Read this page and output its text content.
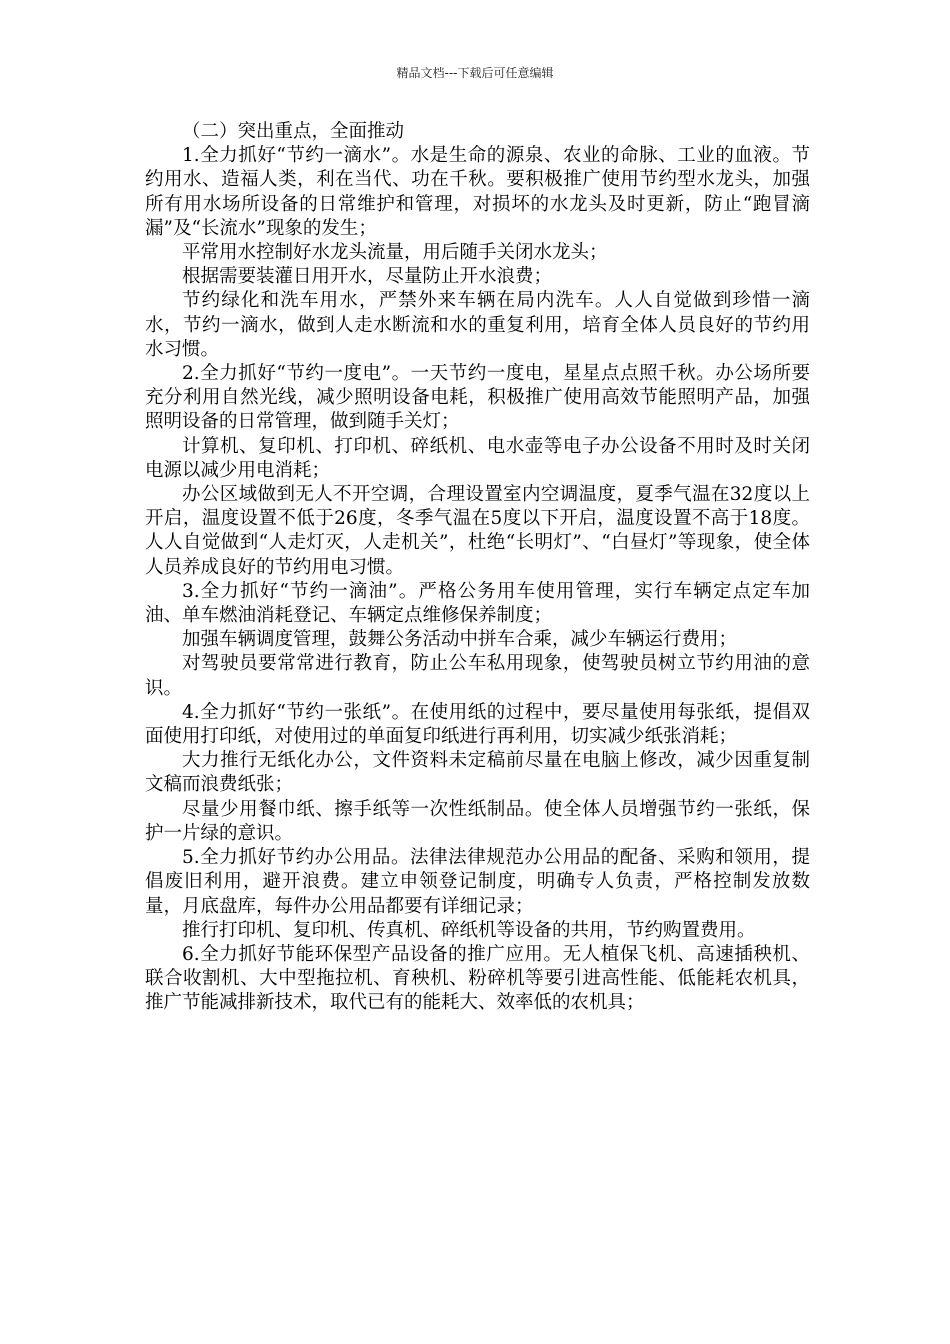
精品文档---下载后可任意编辑

（二）突出重点，全面推动

1.全力抓好“节约一滴水”。水是生命的源泉、农业的命脉、工业的血液。节约用水、造福人类，利在当代、功在千秋。要积极推广使用节约型水龙头，加强所有用水场所设备的日常维护和管理，对损坏的水龙头及时更新，防止“跑冒滴漏”及“长流水”现象的发生；

平常用水控制好水龙头流量，用后随手关闭水龙头；

根据需要装灌日用开水，尽量防止开水浪费；

节约绿化和洗车用水，严禁外来车辆在局内洗车。人人自觉做到珍惜一滴水，节约一滴水，做到人走水断流和水的重复利用，培育全体人员良好的节约用水习惯。

2.全力抓好“节约一度电”。一天节约一度电，星星点点照千秋。办公场所要充分利用自然光线，减少照明设备电耗，积极推广使用高效节能照明产品，加强照明设备的日常管理，做到随手关灯；

计算机、复印机、打印机、碎纸机、电水壶等电子办公设备不用时及时关闭电源以减少用电消耗；

办公区域做到无人不开空调，合理设置室内空调温度，夏季气温在32度以上开启，温度设置不低于26度，冬季气温在5度以下开启，温度设置不高于18度。人人自觉做到“人走灯灭，人走机关”，杜绝“长明灯”、“白昼灯”等现象，使全体人员养成良好的节约用电习惯。

3.全力抓好“节约一滴油”。严格公务用车使用管理，实行车辆定点定车加油、单车燃油消耗登记、车辆定点维修保养制度；

加强车辆调度管理，鼓舞公务活动中拼车合乘，减少车辆运行费用；

对驾驶员要常常进行教育，防止公车私用现象，使驾驶员树立节约用油的意识。

4.全力抓好“节约一张纸”。在使用纸的过程中，要尽量使用每张纸，提倡双面使用打印纸，对使用过的单面复印纸进行再利用，切实减少纸张消耗；

大力推行无纸化办公，文件资料未定稿前尽量在电脑上修改，减少因重复制文稿而浪费纸张；

尽量少用餐巾纸、擦手纸等一次性纸制品。使全体人员增强节约一张纸，保护一片绿的意识。

5.全力抓好节约办公用品。法律法律规范办公用品的配备、采购和领用，提倡废旧利用，避开浪费。建立申领登记制度，明确专人负责，严格控制发放数量，月底盘库，每件办公用品都要有详细记录；

推行打印机、复印机、传真机、碎纸机等设备的共用，节约购置费用。

6.全力抓好节能环保型产品设备的推广应用。无人植保飞机、高速插秧机、联合收割机、大中型拖拉机、育秧机、粉碎机等要引进高性能、低能耗农机具，推广节能减排新技术，取代已有的能耗大、效率低的农机具；
